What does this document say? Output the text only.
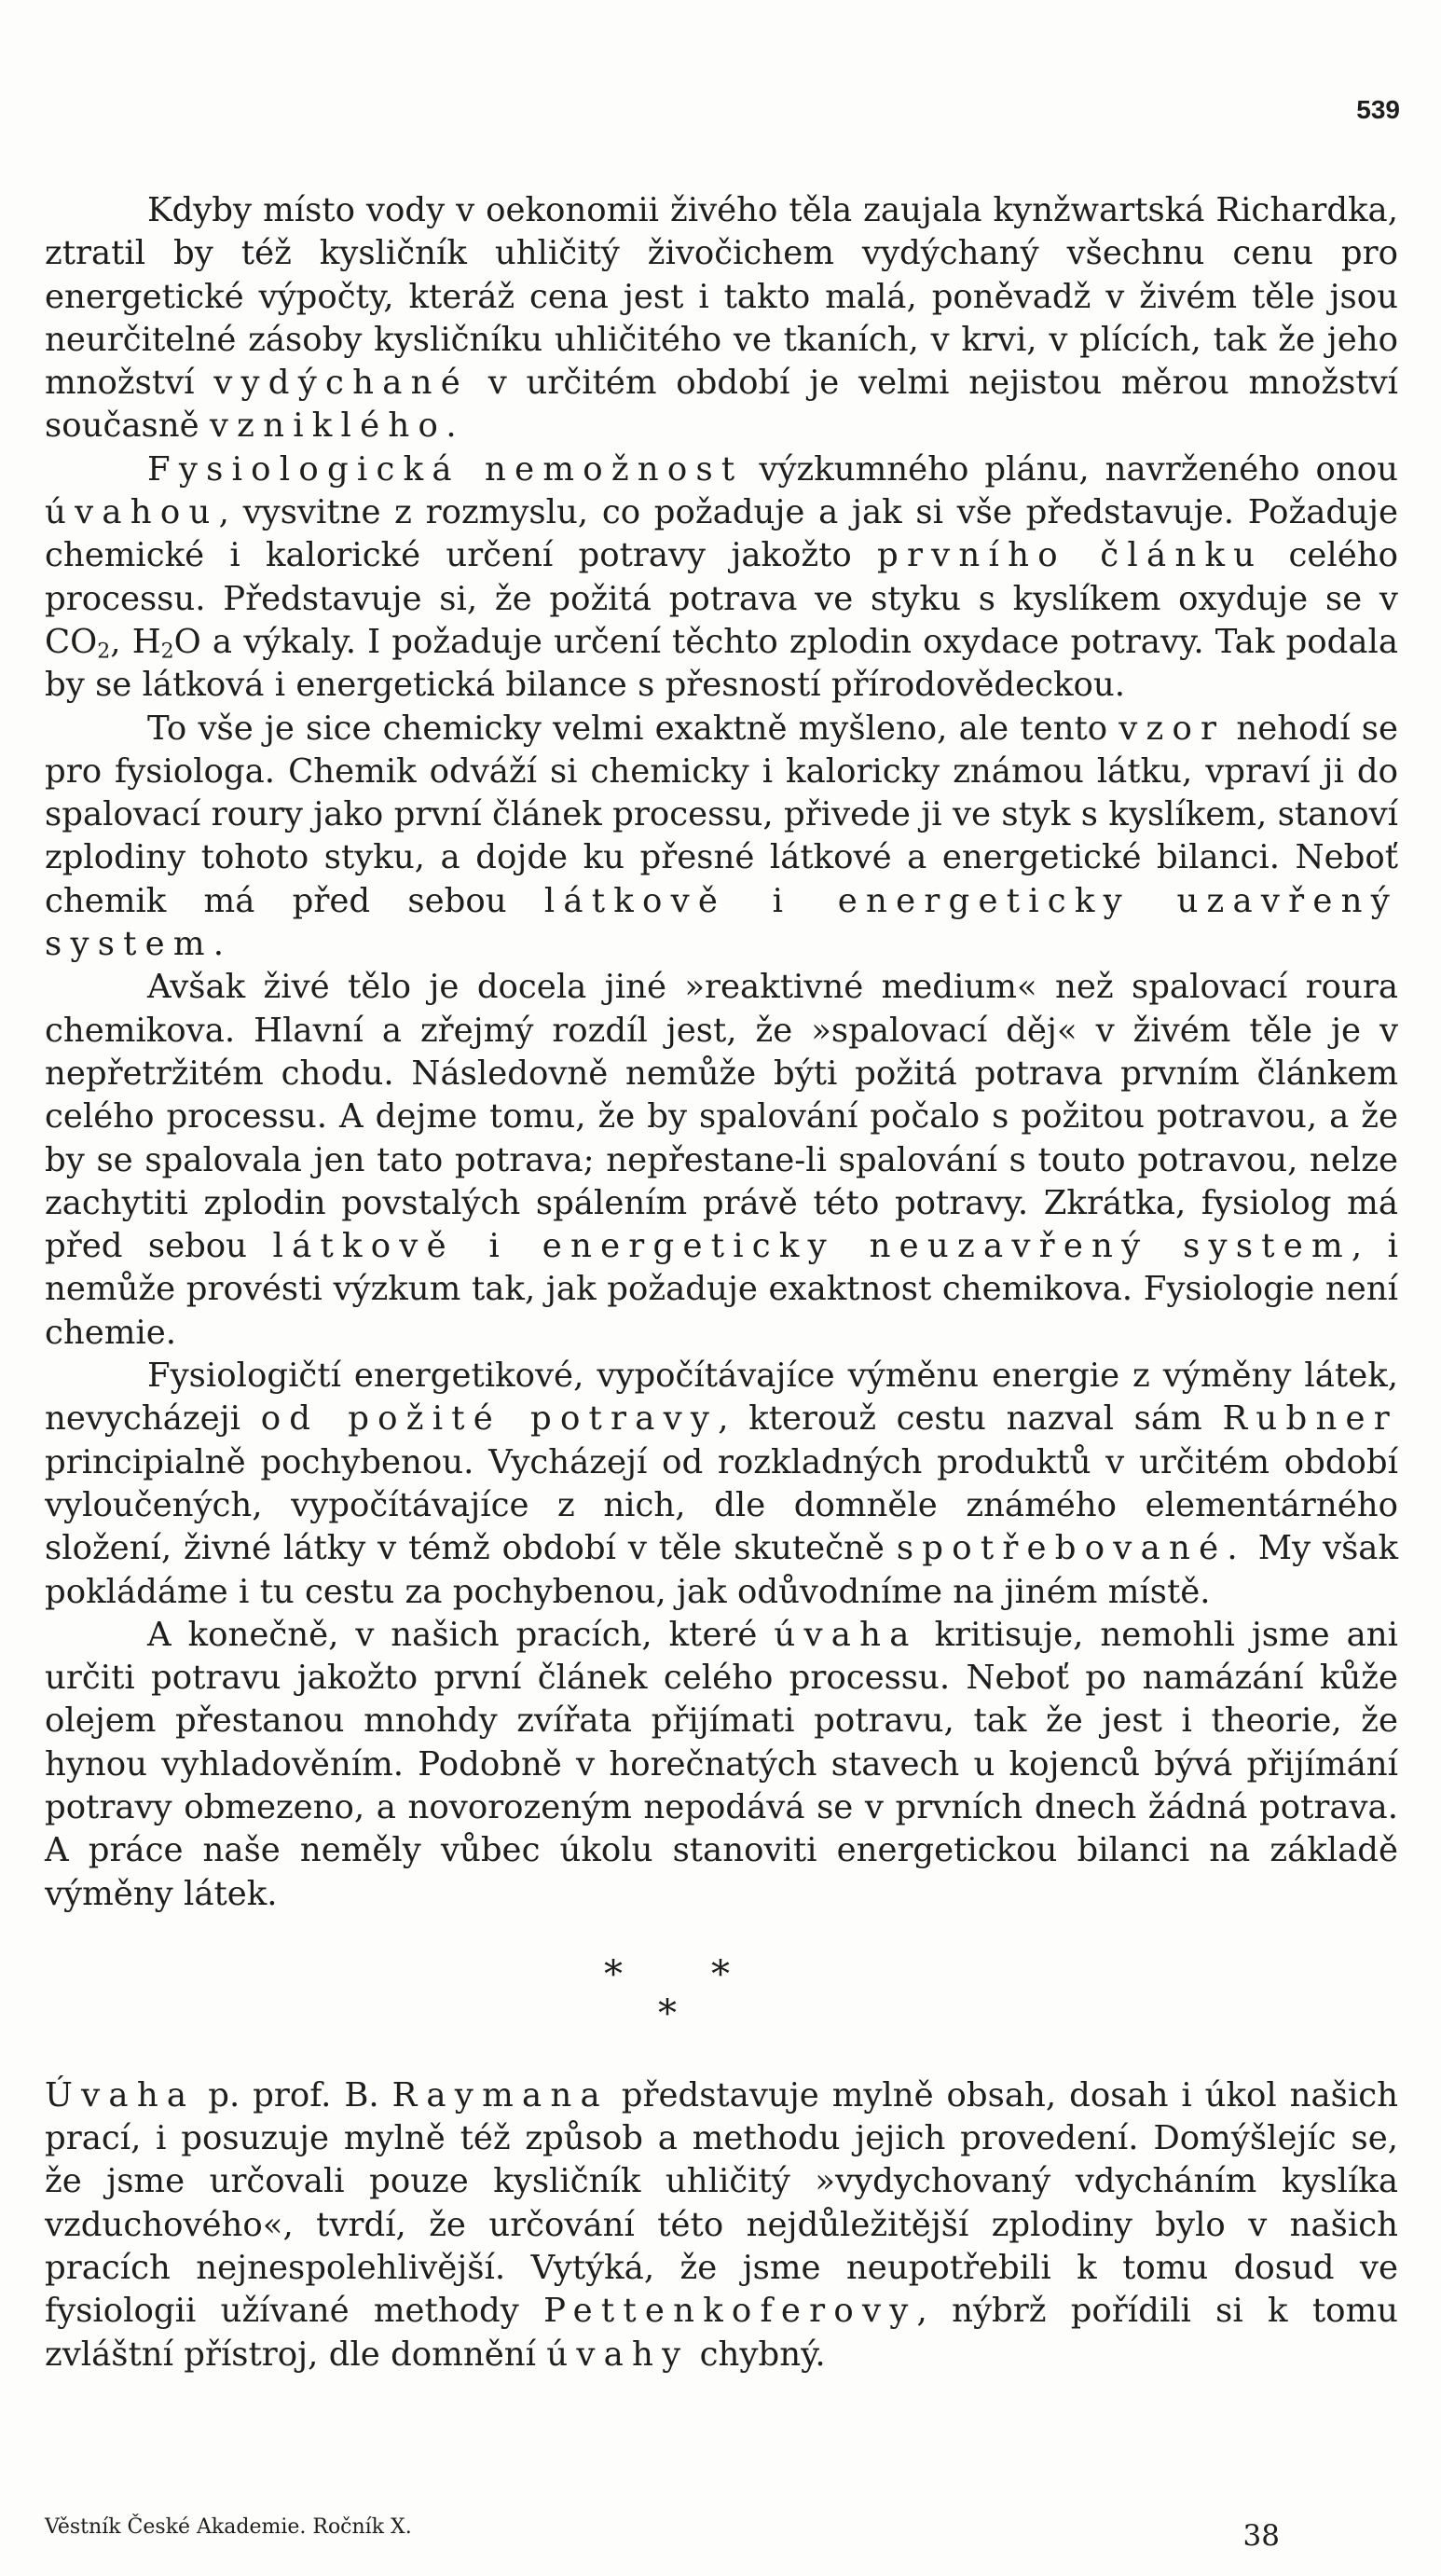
539

Kdyby místo vody v oekonomii živého těla zaujala kynžwartská Richardka, ztratil by též kysličník uhličitý živočichem vydýchaný všechnu cenu pro energetické výpočty, kteráž cena jest i takto malá, poněvadž v živém těle jsou neurčitelné zásoby kysličníku uhličitého ve tkaních, v krvi, v plících, tak že jeho množství vydýchané v určitém období je velmi nejistou měrou množství současně vzniklého.

Fysiologická nemožnost výzkumného plánu, navrženého onou úvahou, vysvitne z rozmyslu, co požaduje a jak si vše představuje. Požaduje chemické i kalorické určení potravy jakožto prvního článku celého processu. Představuje si, že požitá potrava ve styku s kyslíkem oxyduje se v $CO_2$, $H_2O$ a výkaly. I požaduje určení těchto zplodin oxydace potravy. Tak podala by se látková i energetická bilance s přesností přírodovědeckou.

To vše je sice chemicky velmi exaktně myšleno, ale tento vzor nehodí se pro fysiologa. Chemik odváží si chemicky i kaloricky známou látku, vpraví ji do spalovací roury jako první článek processu, přivede ji ve styk s kyslíkem, stanoví zplodiny tohoto styku, a dojde ku přesné látkové a energetické bilanci. Neboť chemik má před sebou látkově i energeticky uzavřený system.

Avšak živé tělo je docela jiné »reaktivné medium« než spalovací roura chemikova. Hlavní a zřejmý rozdíl jest, že »spalovací děj« v živém těle je v nepřetržitém chodu. Následovně nemůže býti požitá potrava prvním článkem celého processu. A dejme tomu, že by spalování počalo s požitou potravou, a že by se spalovala jen tato potrava; nepřestane-li spalování s touto potravou, nelze zachytiti zplodin povstalých spálením právě této potravy. Zkrátka, fysiolog má před sebou látkově i energeticky neuzavřený system, i nemůže provésti výzkum tak, jak požaduje exaktnost chemikova. Fysiologie není chemie.

Fysiologičtí energetikové, vypočítávajíce výměnu energie z výměny látek, nevycházeji od požité potravy, kterouž cestu nazval sám Rubner principialně pochybenou. Vycházejí od rozkladných produktů v určitém období vyloučených, vypočítávajíce z nich, dle domněle známého elementárného složení, živné látky v témž období v těle skutečně spotřebované. My však pokládáme i tu cestu za pochybenou, jak odůvodníme na jiném místě.

A konečně, v našich pracích, které úvaha kritisuje, nemohli jsme ani určiti potravu jakožto první článek celého processu. Neboť po namázání kůže olejem přestanou mnohdy zvířata přijímati potravu, tak že jest i theorie, že hynou vyhladověním. Podobně v horečnatých stavech u kojenců bývá přijímání potravy obmezeno, a novorozeným nepodává se v prvních dnech žádná potrava. A práce naše neměly vůbec úkolu stanoviti energetickou bilanci na základě výměny látek.

* *
*

Úvaha p. prof. B. Raymana představuje mylně obsah, dosah i úkol našich prací, i posuzuje mylně též způsob a methodu jejich provedení. Domýšlejíc se, že jsme určovali pouze kysličník uhličitý »vydychovaný vdycháním kyslíka vzduchového«, tvrdí, že určování této nejdůležitější zplodiny bylo v našich pracích nejnespolehlivější. Vytýká, že jsme neupotřebili k tomu dosud ve fysiologii užívané methody Pettenkoferovy, nýbrž pořídili si k tomu zvláštní přístroj, dle domnění úvahy chybný.

Věstník České Akademie. Ročník X.	38
